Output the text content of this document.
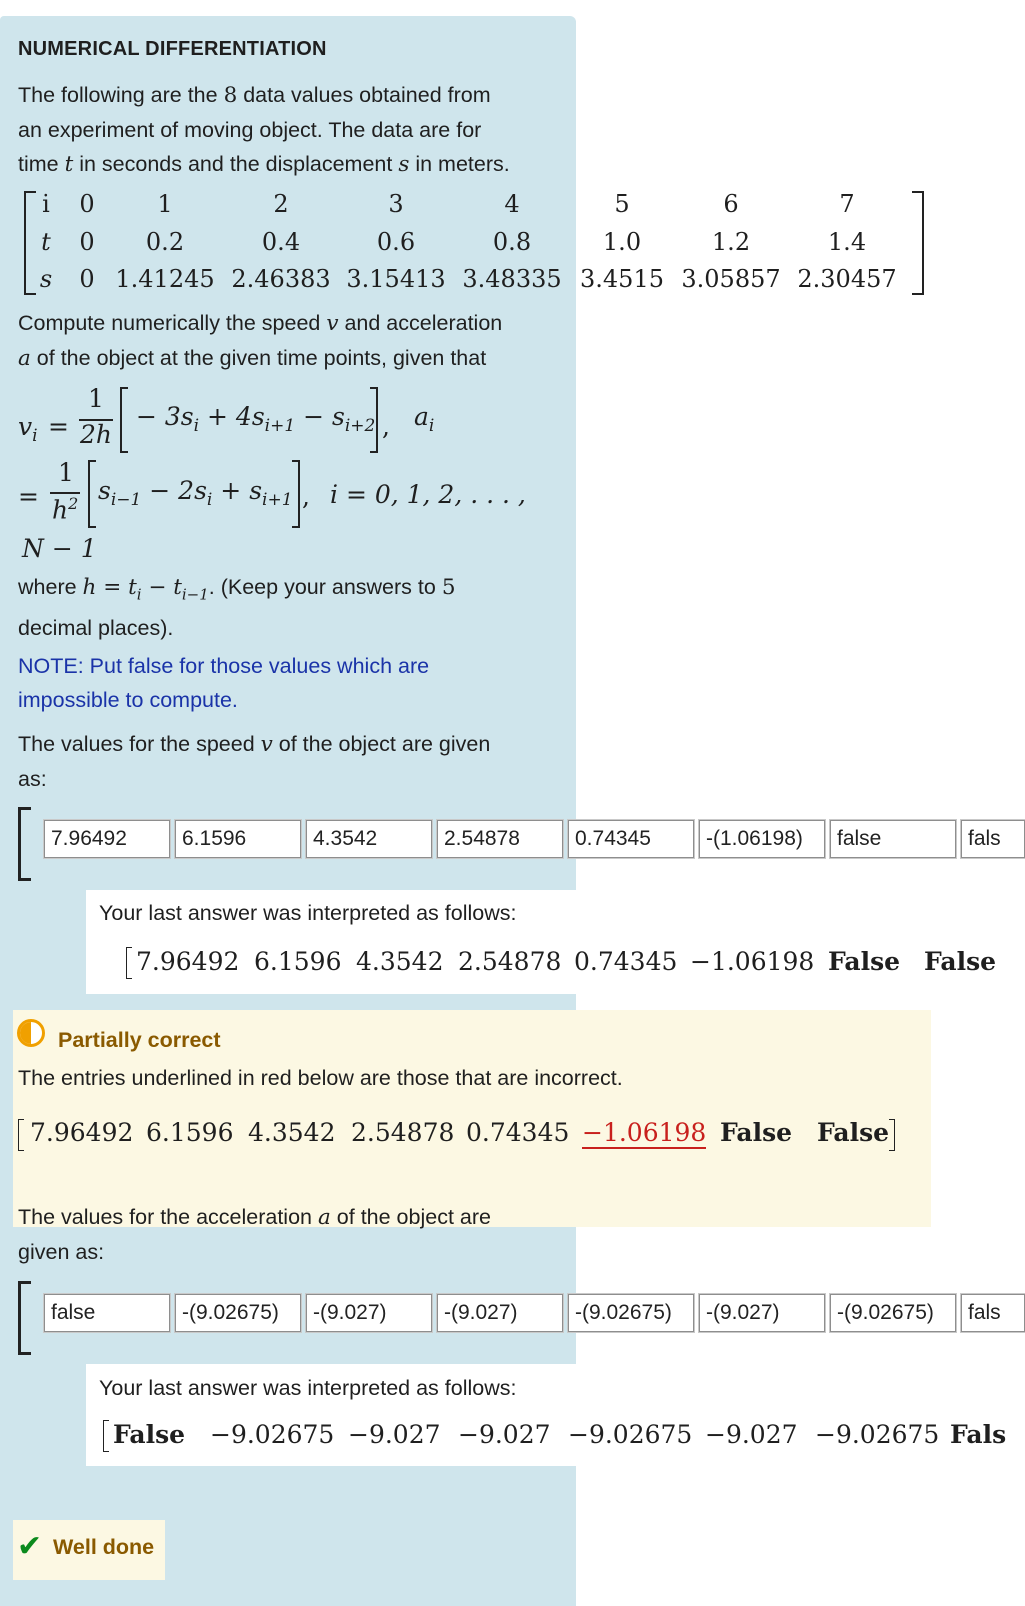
NUMERICAL DIFFERENTIATION
The following are the 8 data values obtained from
an experiment of moving object. The data are for
time t in seconds and the displacement s in meters.
i 0	1	2	3	4	5	6	7
t 0 0.2	0.4	0.6	0.8	1.0	1.2	1.4
s 0 1.41245 2.46383 3.15413 3.48335 3.4515 3.05857 2.30457
Compute numerically the speed v and acceleration
a of the object at the given time points, given that
$v_i$ =
1
2h
− $3s_i + 4s_{i+1} - s_{i+2}$ , $a_i$
=
1
$h^2$ $s_{i-1} - 2s_i + s_{i+1}$ , i = 0, 1, 2, . . . ,
N − 1
where $h = t_i - t_{i-1}$. (Keep your answers to 5
decimal places).
NOTE: Put false for those values which are
impossible to compute.
The values for the speed v of the object are given
as:
7.96492
6.1596
4.3542
2.54878
0.74345
-(1.06198)
false
fals
Your last answer was interpreted as follows:
7.96492 6.1596 4.3542 2.54878 0.74345 −1.06198 False False
Partially correct
The entries underlined in red below are those that are incorrect.
7.96492 6.1596 4.3542 2.54878 0.74345 −1.06198 False False
The values for the acceleration a of the object are
given as:
false
-(9.02675)
-(9.027)
-(9.027)
-(9.02675)
-(9.027)
-(9.02675)
fals
Your last answer was interpreted as follows:
False −9.02675 −9.027 −9.027 −9.02675 −9.027 −9.02675 Fals
✔ Well done
